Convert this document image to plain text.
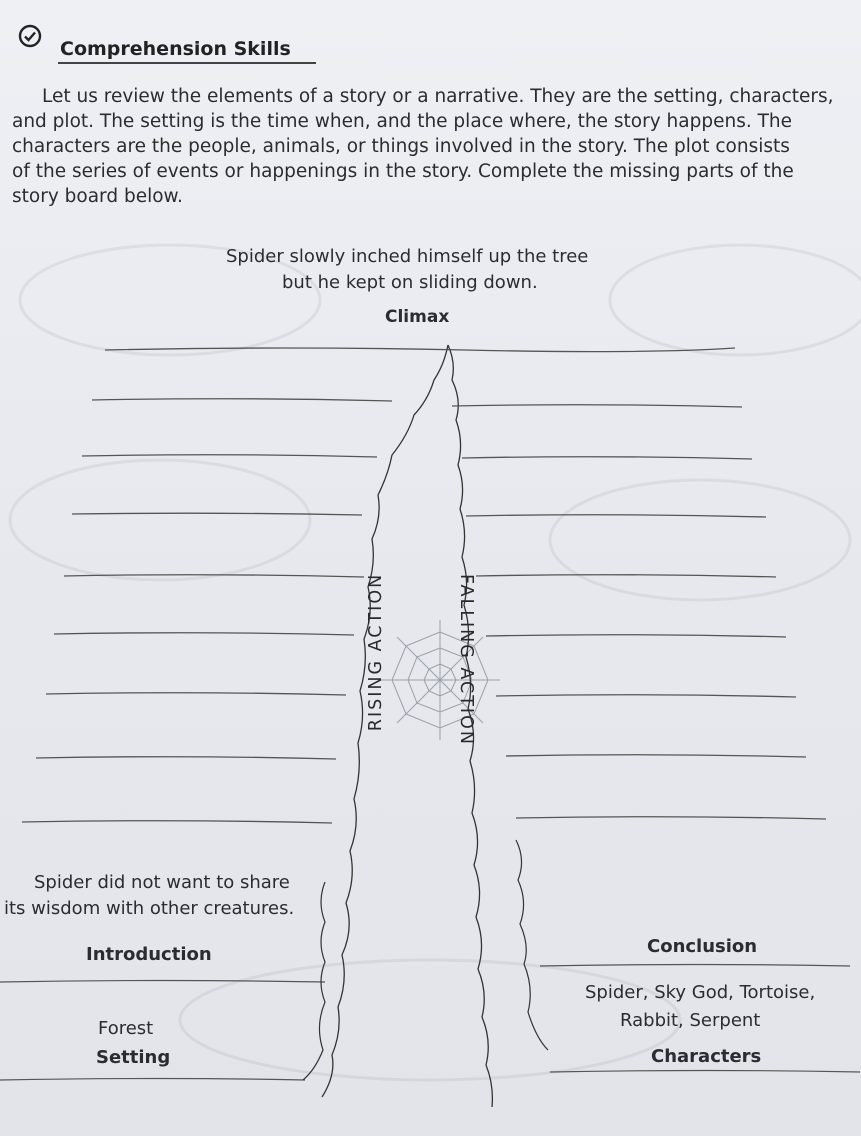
Comprehension Skills
Let us review the elements of a story or a narrative. They are the setting, characters,
and plot. The setting is the time when, and the place where, the story happens. The
characters are the people, animals, or things involved in the story. The plot consists
of the series of events or happenings in the story. Complete the missing parts of the
story board below.
Spider slowly inched himself up the tree
but he kept on sliding down.
Climax
RISING ACTION	FALLING ACTION
Spider did not want to share
its wisdom with other creatures.
Introduction	Conclusion
Forest
Setting
Spider, Sky God, Tortoise,
Rabbit, Serpent
Characters
